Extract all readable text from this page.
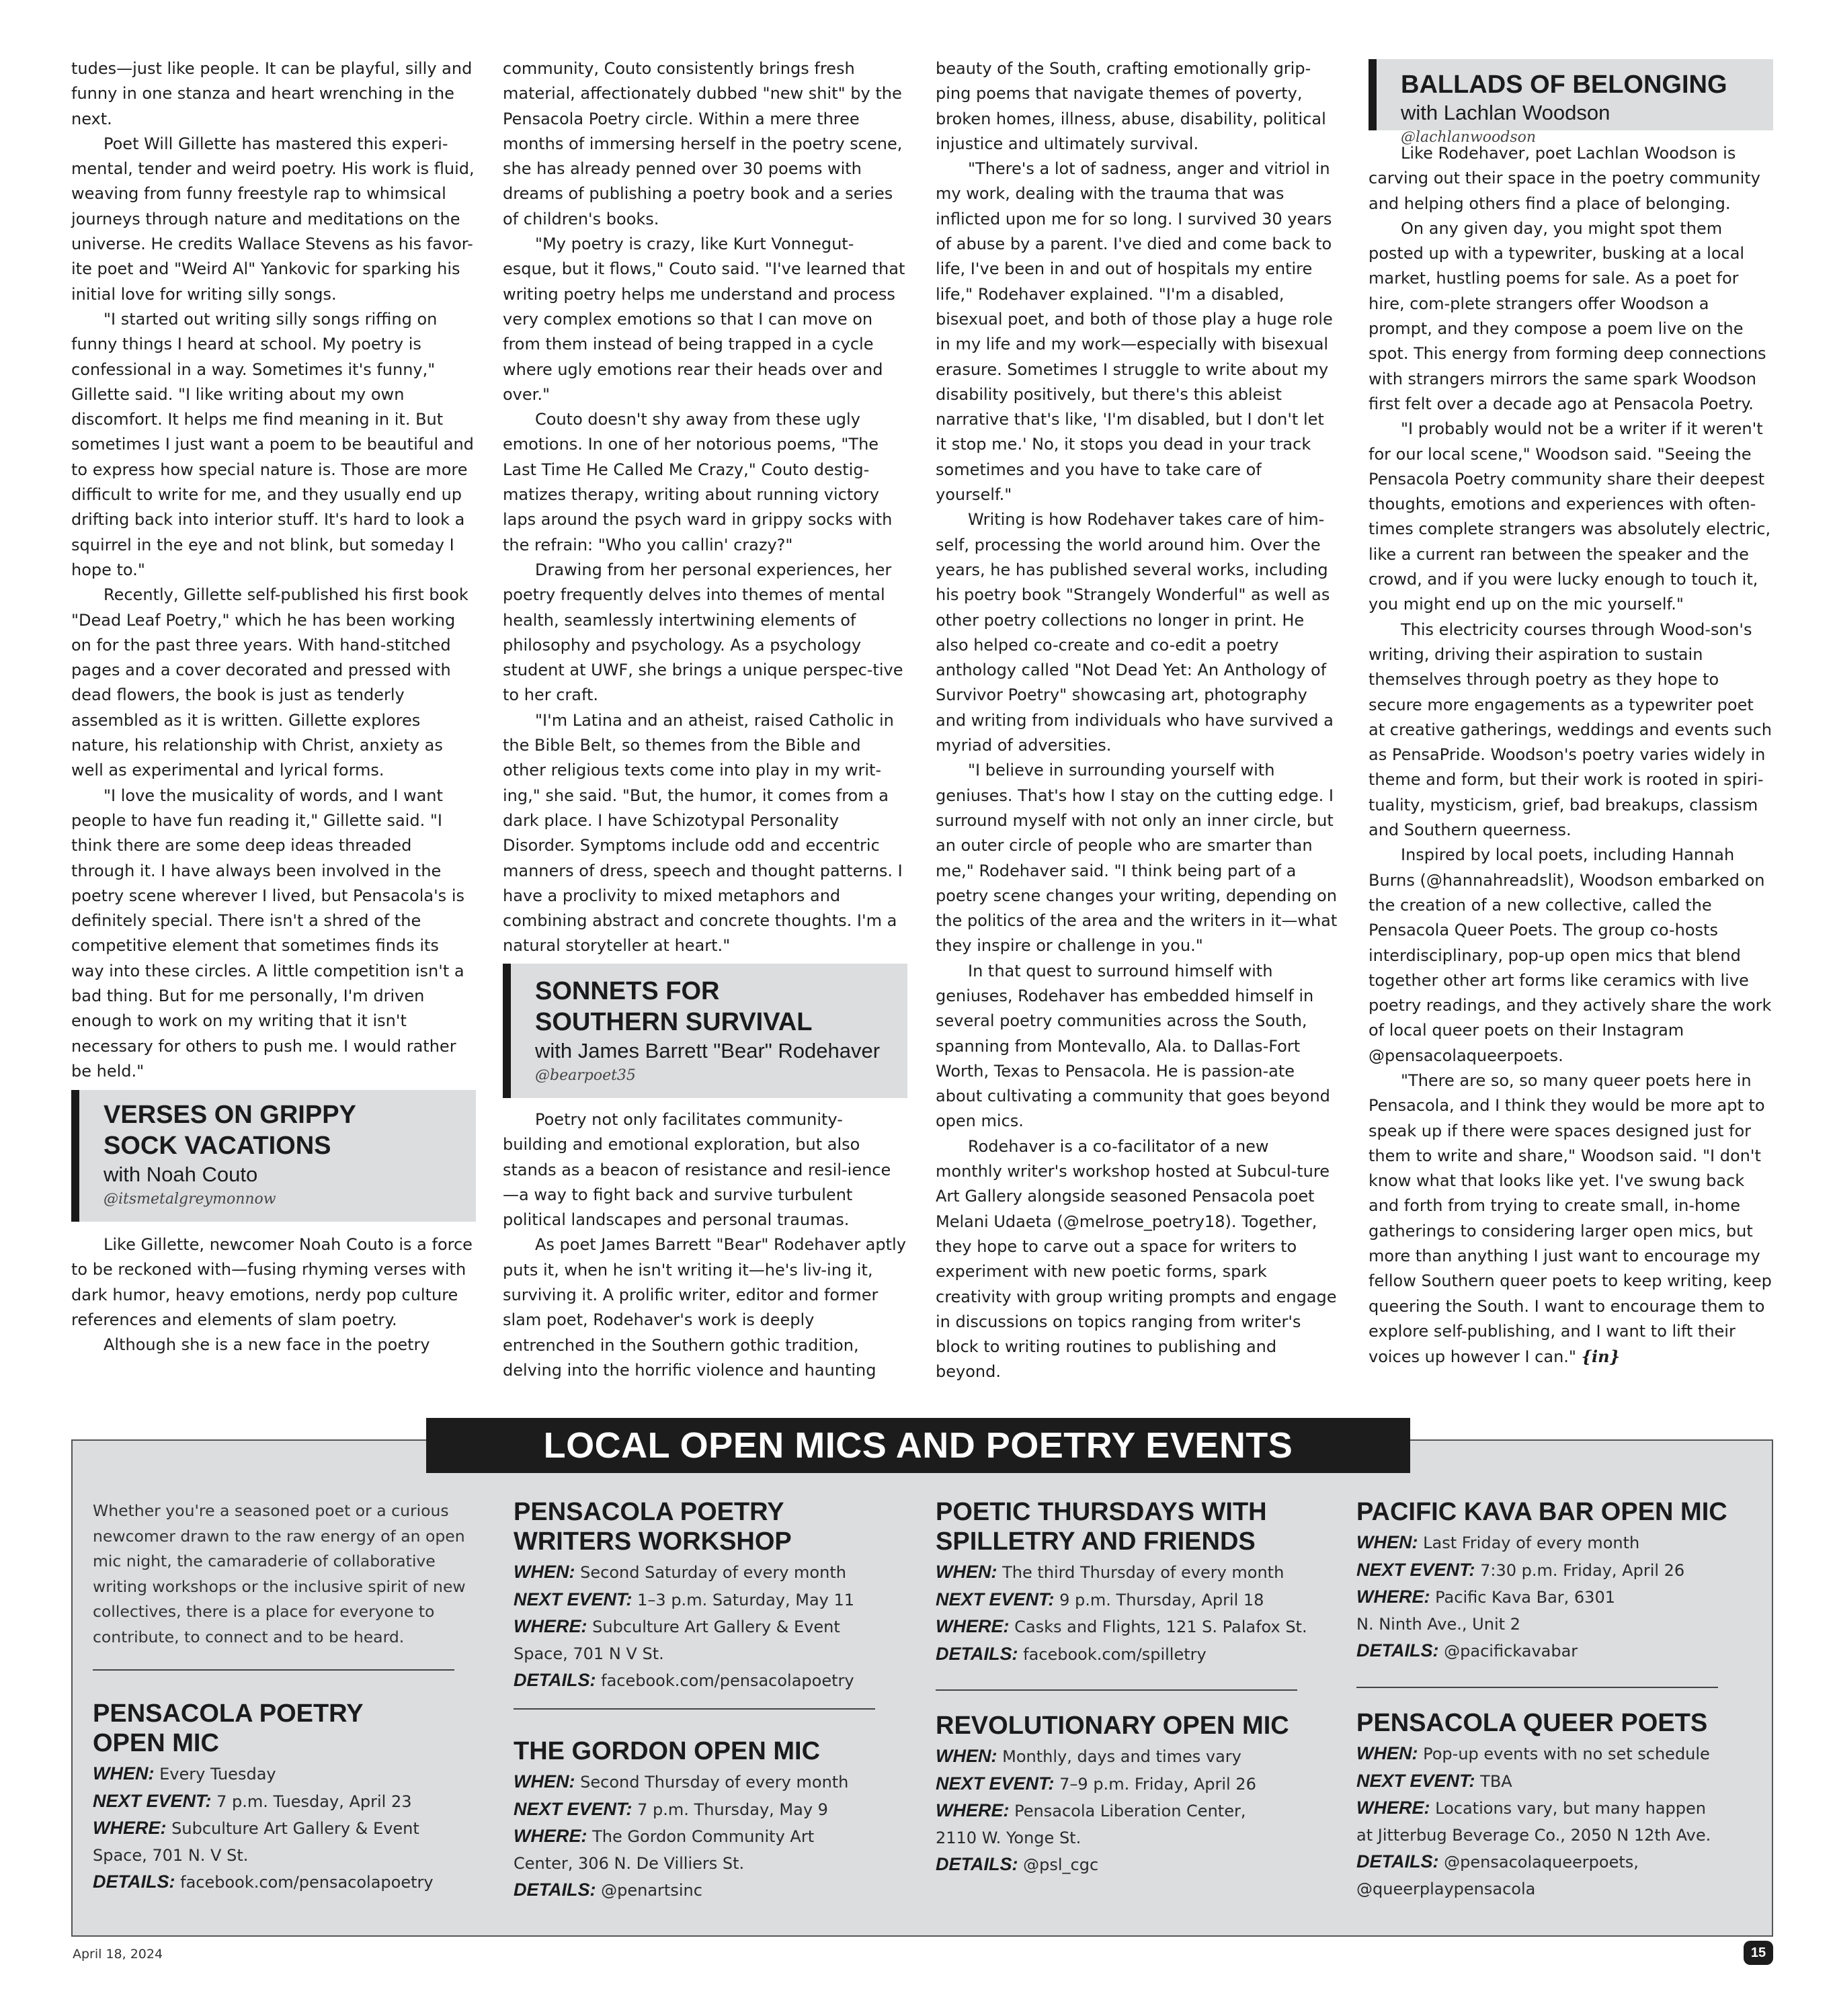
tudes—just like people. It can be playful, silly and funny in one stanza and heart wrenching in the next.

Poet Will Gillette has mastered this experi-mental, tender and weird poetry. His work is fluid, weaving from funny freestyle rap to whimsical journeys through nature and meditations on the universe. He credits Wallace Stevens as his favor-ite poet and "Weird Al" Yankovic for sparking his initial love for writing silly songs.

"I started out writing silly songs riffing on funny things I heard at school. My poetry is confessional in a way. Sometimes it's funny," Gillette said. "I like writing about my own discomfort. It helps me find meaning in it. But sometimes I just want a poem to be beautiful and to express how special nature is. Those are more difficult to write for me, and they usually end up drifting back into interior stuff. It's hard to look a squirrel in the eye and not blink, but someday I hope to."

Recently, Gillette self-published his first book "Dead Leaf Poetry," which he has been working on for the past three years. With hand-stitched pages and a cover decorated and pressed with dead flowers, the book is just as tenderly assembled as it is written. Gillette explores nature, his relationship with Christ, anxiety as well as experimental and lyrical forms.

"I love the musicality of words, and I want people to have fun reading it," Gillette said. "I think there are some deep ideas threaded through it. I have always been involved in the poetry scene wherever I lived, but Pensacola's is definitely special. There isn't a shred of the competitive element that sometimes finds its way into these circles. A little competition isn't a bad thing. But for me personally, I'm driven enough to work on my writing that it isn't necessary for others to push me. I would rather be held."

VERSES ON GRIPPY
SOCK VACATIONS
with Noah Couto
@itsmetalgreymonnow

Like Gillette, newcomer Noah Couto is a force to be reckoned with—fusing rhyming verses with dark humor, heavy emotions, nerdy pop culture references and elements of slam poetry.

Although she is a new face in the poetry

community, Couto consistently brings fresh material, affectionately dubbed "new shit" by the Pensacola Poetry circle. Within a mere three months of immersing herself in the poetry scene, she has already penned over 30 poems with dreams of publishing a poetry book and a series of children's books.

"My poetry is crazy, like Kurt Vonnegut-esque, but it flows," Couto said. "I've learned that writing poetry helps me understand and process very complex emotions so that I can move on from them instead of being trapped in a cycle where ugly emotions rear their heads over and over."

Couto doesn't shy away from these ugly emotions. In one of her notorious poems, "The Last Time He Called Me Crazy," Couto destig-matizes therapy, writing about running victory laps around the psych ward in grippy socks with the refrain: "Who you callin' crazy?"

Drawing from her personal experiences, her poetry frequently delves into themes of mental health, seamlessly intertwining elements of philosophy and psychology. As a psychology student at UWF, she brings a unique perspec-tive to her craft.

"I'm Latina and an atheist, raised Catholic in the Bible Belt, so themes from the Bible and other religious texts come into play in my writ-ing," she said. "But, the humor, it comes from a dark place. I have Schizotypal Personality Disorder. Symptoms include odd and eccentric manners of dress, speech and thought patterns. I have a proclivity to mixed metaphors and combining abstract and concrete thoughts. I'm a natural storyteller at heart."

SONNETS FOR
SOUTHERN SURVIVAL
with James Barrett "Bear" Rodehaver
@bearpoet35

Poetry not only facilitates community-building and emotional exploration, but also stands as a beacon of resistance and resil-ience—a way to fight back and survive turbulent political landscapes and personal traumas.

As poet James Barrett "Bear" Rodehaver aptly puts it, when he isn't writing it—he's liv-ing it, surviving it. A prolific writer, editor and former slam poet, Rodehaver's work is deeply entrenched in the Southern gothic tradition, delving into the horrific violence and haunting

beauty of the South, crafting emotionally grip-ping poems that navigate themes of poverty, broken homes, illness, abuse, disability, political injustice and ultimately survival.

"There's a lot of sadness, anger and vitriol in my work, dealing with the trauma that was inflicted upon me for so long. I survived 30 years of abuse by a parent. I've died and come back to life, I've been in and out of hospitals my entire life," Rodehaver explained. "I'm a disabled, bisexual poet, and both of those play a huge role in my life and my work—especially with bisexual erasure. Sometimes I struggle to write about my disability positively, but there's this ableist narrative that's like, 'I'm disabled, but I don't let it stop me.' No, it stops you dead in your track sometimes and you have to take care of yourself."

Writing is how Rodehaver takes care of him-self, processing the world around him. Over the years, he has published several works, including his poetry book "Strangely Wonderful" as well as other poetry collections no longer in print. He also helped co-create and co-edit a poetry anthology called "Not Dead Yet: An Anthology of Survivor Poetry" showcasing art, photography and writing from individuals who have survived a myriad of adversities.

"I believe in surrounding yourself with geniuses. That's how I stay on the cutting edge. I surround myself with not only an inner circle, but an outer circle of people who are smarter than me," Rodehaver said. "I think being part of a poetry scene changes your writing, depending on the politics of the area and the writers in it—what they inspire or challenge in you."

In that quest to surround himself with geniuses, Rodehaver has embedded himself in several poetry communities across the South, spanning from Montevallo, Ala. to Dallas-Fort Worth, Texas to Pensacola. He is passion-ate about cultivating a community that goes beyond open mics.

Rodehaver is a co-facilitator of a new monthly writer's workshop hosted at Subcul-ture Art Gallery alongside seasoned Pensacola poet Melani Udaeta (@melrose_poetry18). Together, they hope to carve out a space for writers to experiment with new poetic forms, spark creativity with group writing prompts and engage in discussions on topics ranging from writer's block to writing routines to publishing and beyond.

BALLADS OF BELONGING
with Lachlan Woodson
@lachlanwoodson

Like Rodehaver, poet Lachlan Woodson is carving out their space in the poetry community and helping others find a place of belonging.

On any given day, you might spot them posted up with a typewriter, busking at a local market, hustling poems for sale. As a poet for hire, com-plete strangers offer Woodson a prompt, and they compose a poem live on the spot. This energy from forming deep connections with strangers mirrors the same spark Woodson first felt over a decade ago at Pensacola Poetry.

"I probably would not be a writer if it weren't for our local scene," Woodson said. "Seeing the Pensacola Poetry community share their deepest thoughts, emotions and experiences with often-times complete strangers was absolutely electric, like a current ran between the speaker and the crowd, and if you were lucky enough to touch it, you might end up on the mic yourself."

This electricity courses through Wood-son's writing, driving their aspiration to sustain themselves through poetry as they hope to secure more engagements as a typewriter poet at creative gatherings, weddings and events such as PensaPride. Woodson's poetry varies widely in theme and form, but their work is rooted in spiri-tuality, mysticism, grief, bad breakups, classism and Southern queerness.

Inspired by local poets, including Hannah Burns (@hannahreadslit), Woodson embarked on the creation of a new collective, called the Pensacola Queer Poets. The group co-hosts interdisciplinary, pop-up open mics that blend together other art forms like ceramics with live poetry readings, and they actively share the work of local queer poets on their Instagram @pensacolaqueerpoets.

"There are so, so many queer poets here in Pensacola, and I think they would be more apt to speak up if there were spaces designed just for them to write and share," Woodson said. "I don't know what that looks like yet. I've swung back and forth from trying to create small, in-home gatherings to considering larger open mics, but more than anything I just want to encourage my fellow Southern queer poets to keep writing, keep queering the South. I want to encourage them to explore self-publishing, and I want to lift their voices up however I can." {in}

LOCAL OPEN MICS AND POETRY EVENTS
Whether you're a seasoned poet or a curious newcomer drawn to the raw energy of an open mic night, the camaraderie of collaborative writing workshops or the inclusive spirit of new collectives, there is a place for everyone to contribute, to connect and to be heard.
PENSACOLA POETRY
OPEN MIC
WHEN: Every Tuesday
NEXT EVENT: 7 p.m. Tuesday, April 23
WHERE: Subculture Art Gallery & Event
Space, 701 N. V St.
DETAILS: facebook.com/pensacolapoetry
PENSACOLA POETRY
WRITERS WORKSHOP
WHEN: Second Saturday of every month
NEXT EVENT: 1–3 p.m. Saturday, May 11
WHERE: Subculture Art Gallery & Event
Space, 701 N V St.
DETAILS: facebook.com/pensacolapoetry
THE GORDON OPEN MIC
WHEN: Second Thursday of every month
NEXT EVENT: 7 p.m. Thursday, May 9
WHERE: The Gordon Community Art
Center, 306 N. De Villiers St.
DETAILS: @penartsinc
POETIC THURSDAYS WITH
SPILLETRY AND FRIENDS
WHEN: The third Thursday of every month
NEXT EVENT: 9 p.m. Thursday, April 18
WHERE: Casks and Flights, 121 S. Palafox St.
DETAILS: facebook.com/spilletry
REVOLUTIONARY OPEN MIC
WHEN: Monthly, days and times vary
NEXT EVENT: 7–9 p.m. Friday, April 26
WHERE: Pensacola Liberation Center,
2110 W. Yonge St.
DETAILS: @psl_cgc
PACIFIC KAVA BAR OPEN MIC
WHEN: Last Friday of every month
NEXT EVENT: 7:30 p.m. Friday, April 26
WHERE: Pacific Kava Bar, 6301
N. Ninth Ave., Unit 2
DETAILS: @pacifickavabar
PENSACOLA QUEER POETS
WHEN: Pop-up events with no set schedule
NEXT EVENT: TBA
WHERE: Locations vary, but many happen
at Jitterbug Beverage Co., 2050 N 12th Ave.
DETAILS: @pensacolaqueerpoets,
@queerplaypensacola
April 18, 2024	15
